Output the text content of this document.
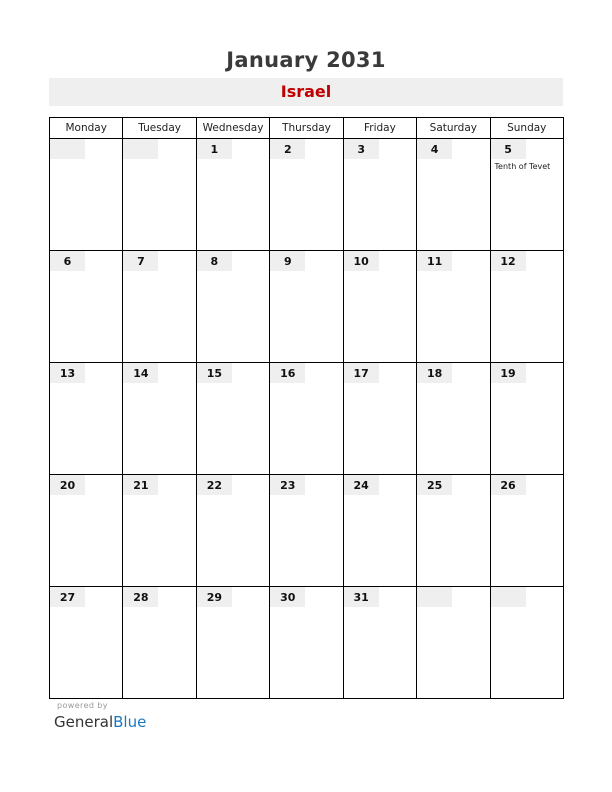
January 2031
Israel
Monday	Tuesday	Wednesday	Thursday	Friday	Saturday	Sunday

		1	2	3	4	5
Tenth of Tevet

6	7	8	9	10	11	12

13	14	15	16	17	18	19

20	21	22	23	24	25	26

27	28	29	30	31		

powered by
GeneralBlue
